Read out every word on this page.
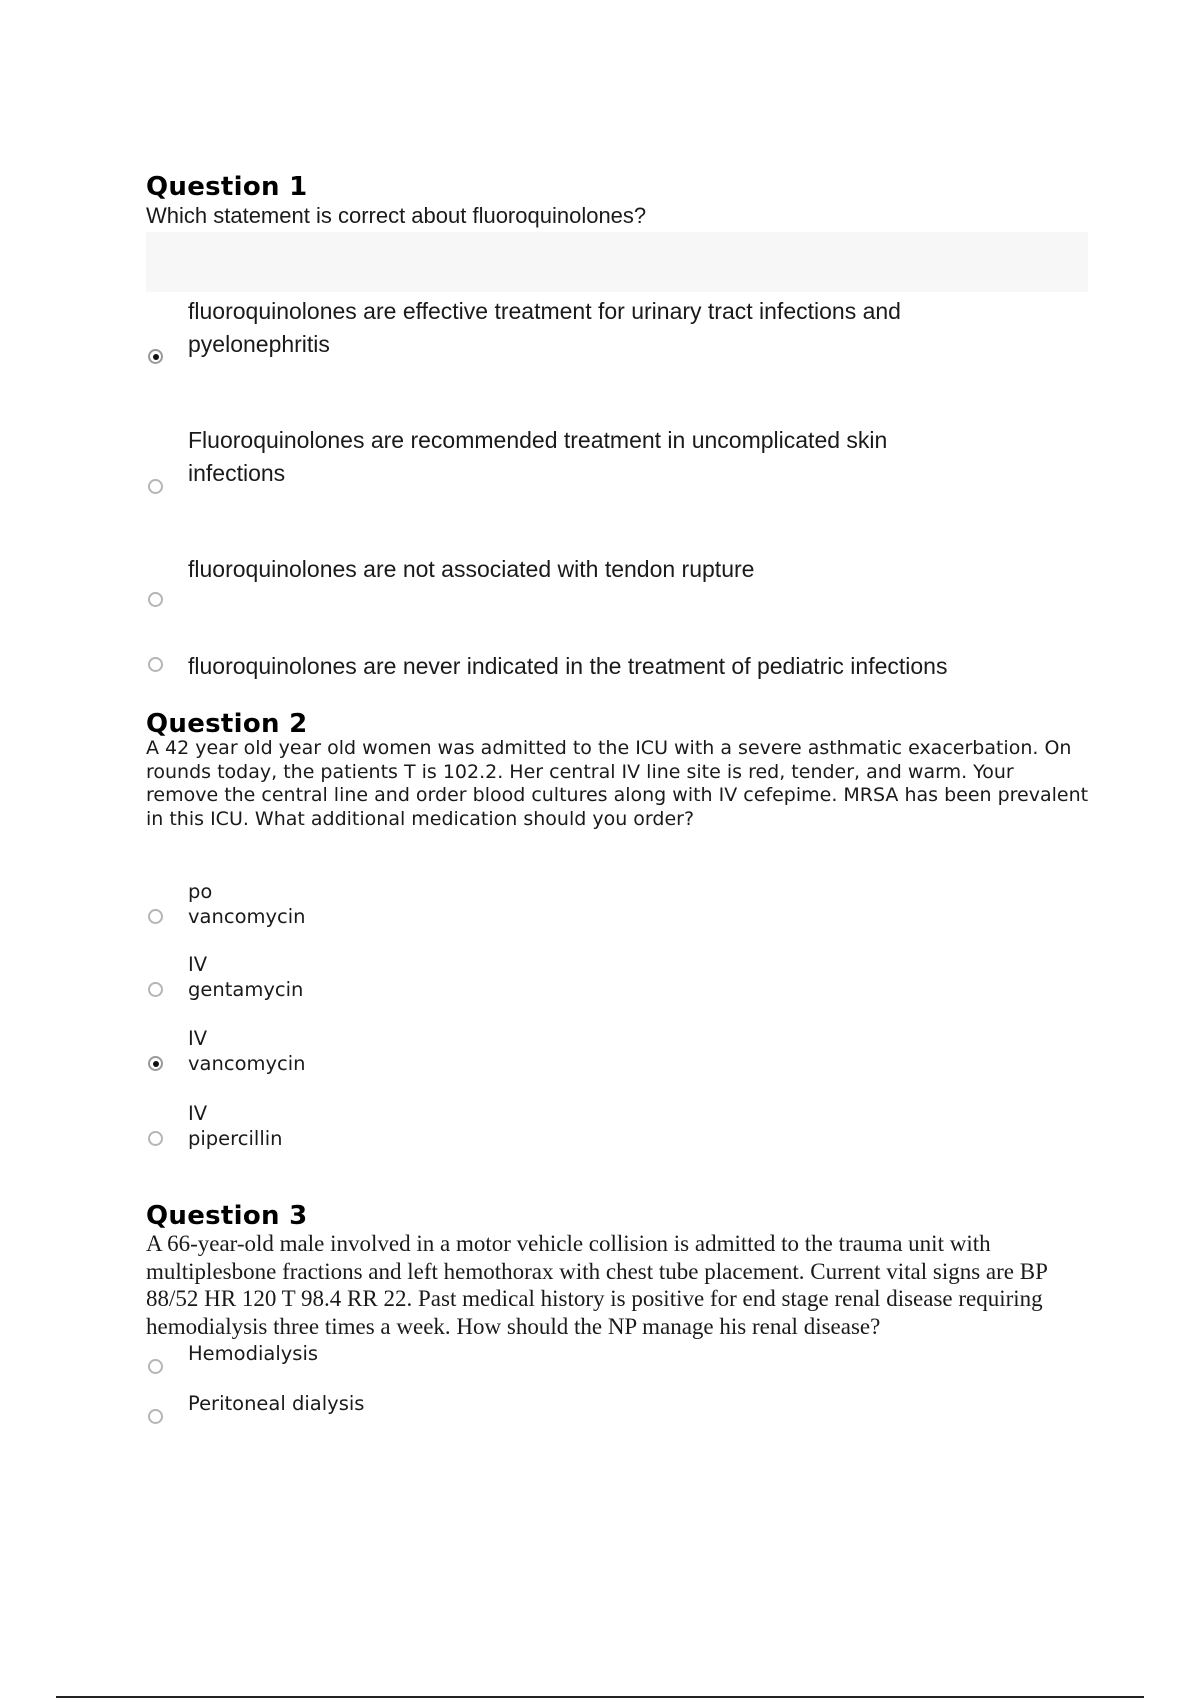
Question 1
Which statement is correct about fluoroquinolones?
fluoroquinolones are effective treatment for urinary tract infections and pyelonephritis
Fluoroquinolones are recommended treatment in uncomplicated skin infections
fluoroquinolones are not associated with tendon rupture
fluoroquinolones are never indicated in the treatment of pediatric infections
Question 2
A 42 year old year old women was admitted to the ICU with a severe asthmatic exacerbation. On rounds today, the patients T is 102.2. Her central IV line site is red, tender, and warm. Your remove the central line and order blood cultures along with IV cefepime. MRSA has been prevalent in this ICU. What additional medication should you order?
po
vancomycin
IV
gentamycin
IV
vancomycin
IV
pipercillin
Question 3
A 66-year-old male involved in a motor vehicle collision is admitted to the trauma unit with multiplesbone fractions and left hemothorax with chest tube placement. Current vital signs are BP 88/52 HR 120 T 98.4 RR 22. Past medical history is positive for end stage renal disease requiring hemodialysis three times a week. How should the NP manage his renal disease?
Hemodialysis
Peritoneal dialysis
